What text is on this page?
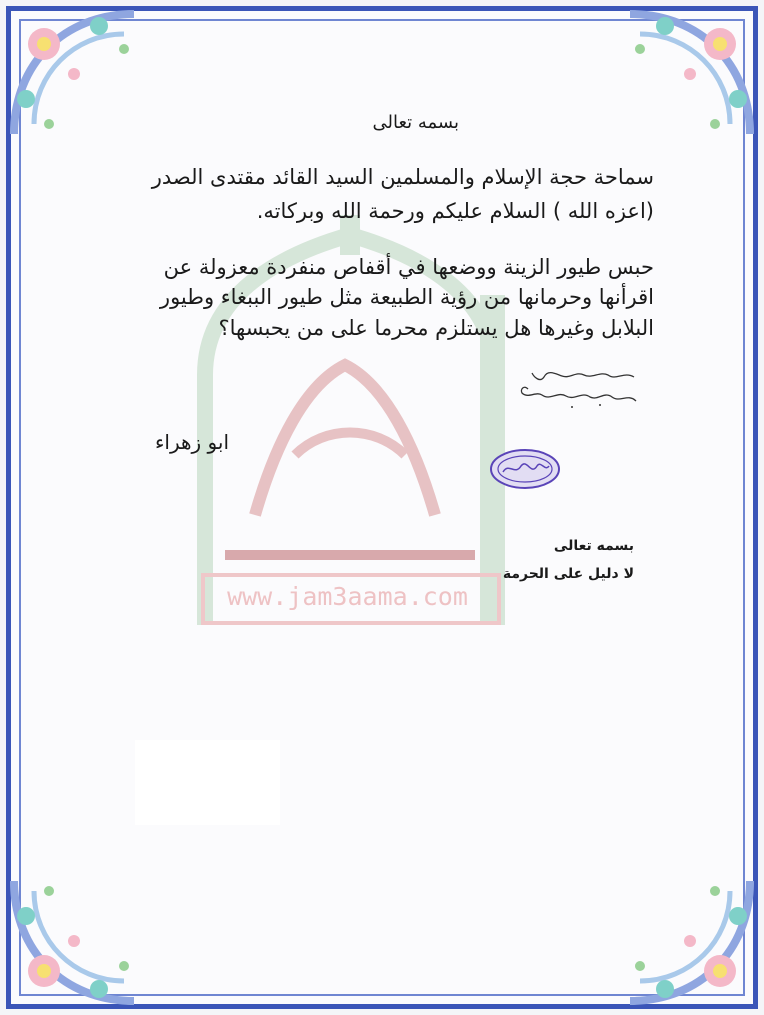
www.jam3aama.com
بسمه تعالى
سماحة حجة الإسلام والمسلمين السيد القائد مقتدى الصدر
(اعزه الله ) السلام عليكم ورحمة الله وبركاته.
حبس طيور الزينة ووضعها في أقفاص منفردة معزولة عن
اقرأنها وحرمانها من رؤية الطبيعة مثل طيور الببغاء وطيور
البلابل وغيرها هل يستلزم محرما على من يحبسها؟
ابو زهراء
بسمه تعالى
لا دليل على الحرمة
